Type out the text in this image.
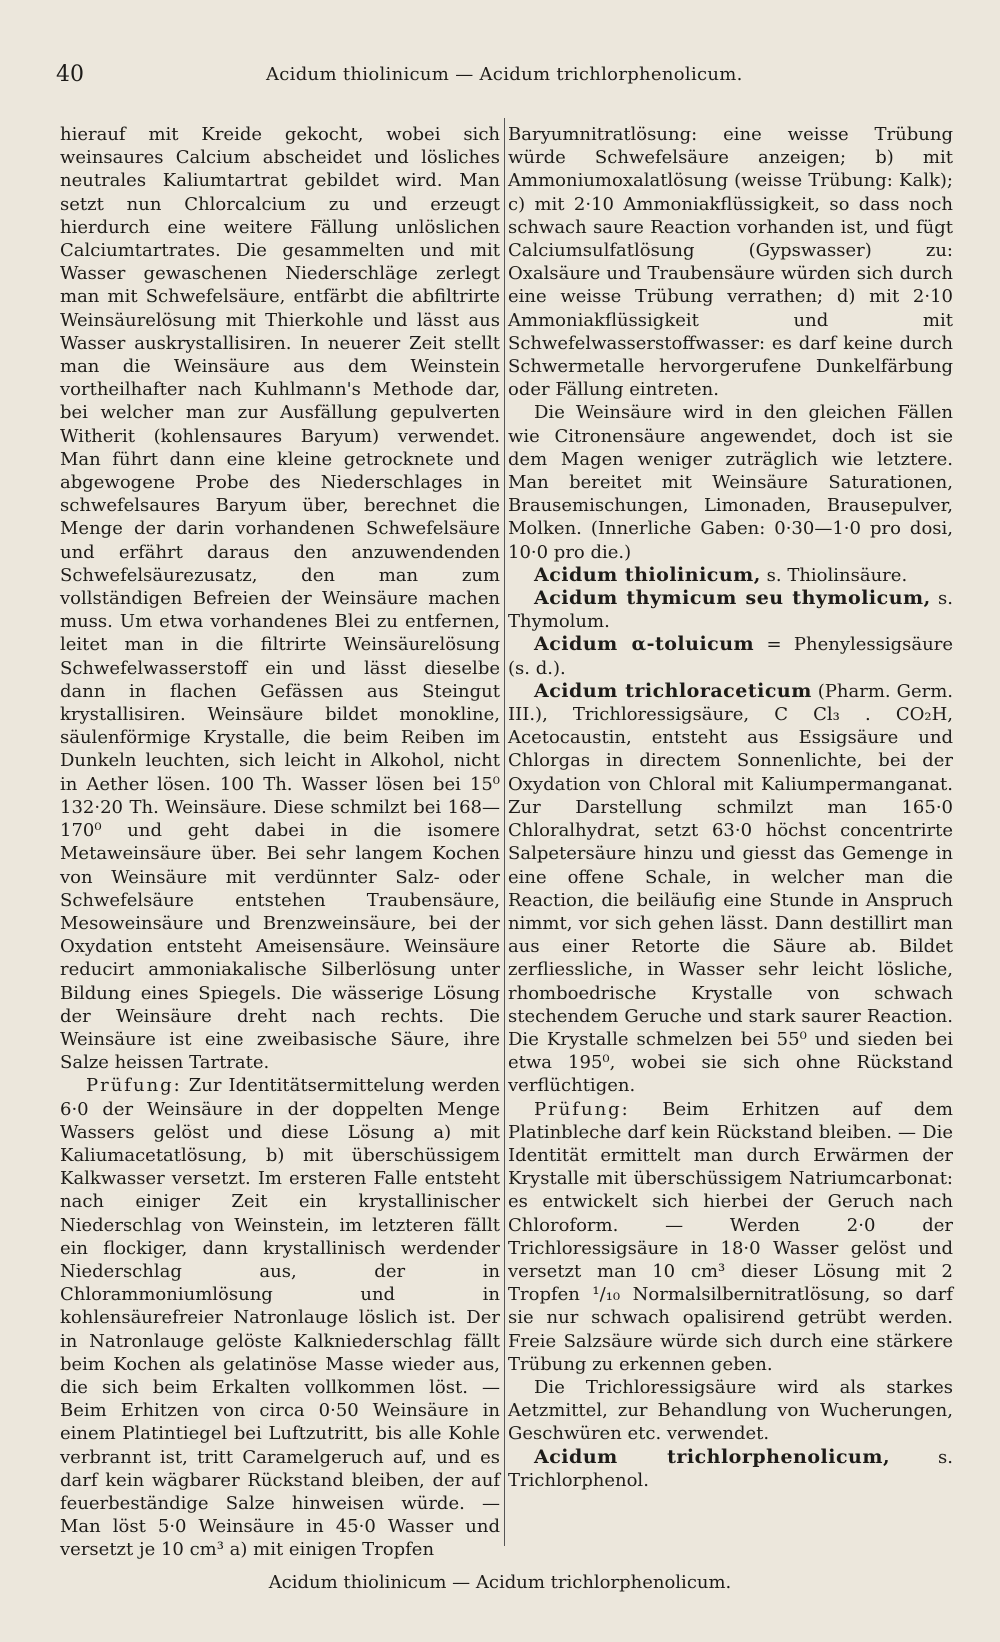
40	Acidum thiolinicum — Acidum trichlorphenolicum.

hierauf mit Kreide gekocht, wobei sich weinsaures Calcium abscheidet und lösliches neutrales Kaliumtartrat gebildet wird. Man setzt nun Chlorcalcium zu und erzeugt hierdurch eine weitere Fällung unlöslichen Calciumtartrates. Die gesammelten und mit Wasser gewaschenen Niederschläge zerlegt man mit Schwefelsäure, entfärbt die abfiltrirte Weinsäurelösung mit Thierkohle und lässt aus Wasser auskrystallisiren. In neuerer Zeit stellt man die Weinsäure aus dem Weinstein vortheilhafter nach Kuhlmann's Methode dar, bei welcher man zur Ausfällung gepulverten Witherit (kohlensaures Baryum) verwendet. Man führt dann eine kleine getrocknete und abgewogene Probe des Niederschlages in schwefelsaures Baryum über, berechnet die Menge der darin vorhandenen Schwefelsäure und erfährt daraus den anzuwendenden Schwefelsäurezusatz, den man zum vollständigen Befreien der Weinsäure machen muss. Um etwa vorhandenes Blei zu entfernen, leitet man in die filtrirte Weinsäurelösung Schwefelwasserstoff ein und lässt dieselbe dann in flachen Gefässen aus Steingut krystallisiren. Weinsäure bildet monokline, säulenförmige Krystalle, die beim Reiben im Dunkeln leuchten, sich leicht in Alkohol, nicht in Aether lösen. 100 Th. Wasser lösen bei 15⁰ 132·20 Th. Weinsäure. Diese schmilzt bei 168—170⁰ und geht dabei in die isomere Metaweinsäure über. Bei sehr langem Kochen von Weinsäure mit verdünnter Salz- oder Schwefelsäure entstehen Traubensäure, Mesoweinsäure und Brenzweinsäure, bei der Oxydation entsteht Ameisensäure. Weinsäure reducirt ammoniakalische Silberlösung unter Bildung eines Spiegels. Die wässerige Lösung der Weinsäure dreht nach rechts. Die Weinsäure ist eine zweibasische Säure, ihre Salze heissen Tartrate.

Prüfung: Zur Identitätsermittelung werden 6·0 der Weinsäure in der doppelten Menge Wassers gelöst und diese Lösung a) mit Kaliumacetatlösung, b) mit überschüssigem Kalkwasser versetzt. Im ersteren Falle entsteht nach einiger Zeit ein krystallinischer Niederschlag von Weinstein, im letzteren fällt ein flockiger, dann krystallinisch werdender Niederschlag aus, der in Chlorammoniumlösung und in kohlensäurefreier Natronlauge löslich ist. Der in Natronlauge gelöste Kalkniederschlag fällt beim Kochen als gelatinöse Masse wieder aus, die sich beim Erkalten vollkommen löst. — Beim Erhitzen von circa 0·50 Weinsäure in einem Platintiegel bei Luftzutritt, bis alle Kohle verbrannt ist, tritt Caramelgeruch auf, und es darf kein wägbarer Rückstand bleiben, der auf feuerbeständige Salze hinweisen würde. — Man löst 5·0 Weinsäure in 45·0 Wasser und versetzt je 10 cm³ a) mit einigen Tropfen

Baryumnitratlösung: eine weisse Trübung würde Schwefelsäure anzeigen; b) mit Ammoniumoxalatlösung (weisse Trübung: Kalk); c) mit 2·10 Ammoniakflüssigkeit, so dass noch schwach saure Reaction vorhanden ist, und fügt Calciumsulfatlösung (Gypswasser) zu: Oxalsäure und Traubensäure würden sich durch eine weisse Trübung verrathen; d) mit 2·10 Ammoniakflüssigkeit und mit Schwefelwasserstoffwasser: es darf keine durch Schwermetalle hervorgerufene Dunkelfärbung oder Fällung eintreten.

Die Weinsäure wird in den gleichen Fällen wie Citronensäure angewendet, doch ist sie dem Magen weniger zuträglich wie letztere. Man bereitet mit Weinsäure Saturationen, Brausemischungen, Limonaden, Brausepulver, Molken. (Innerliche Gaben: 0·30—1·0 pro dosi, 10·0 pro die.)

Acidum thiolinicum, s. Thiolinsäure.

Acidum thymicum seu thymolicum, s. Thymolum.

Acidum α-toluicum = Phenylessigsäure (s. d.).

Acidum trichloraceticum (Pharm. Germ. III.), Trichloressigsäure, C Cl₃ . CO₂H, Acetocaustin, entsteht aus Essigsäure und Chlorgas in directem Sonnenlichte, bei der Oxydation von Chloral mit Kaliumpermanganat. Zur Darstellung schmilzt man 165·0 Chloralhydrat, setzt 63·0 höchst concentrirte Salpetersäure hinzu und giesst das Gemenge in eine offene Schale, in welcher man die Reaction, die beiläufig eine Stunde in Anspruch nimmt, vor sich gehen lässt. Dann destillirt man aus einer Retorte die Säure ab. Bildet zerfliessliche, in Wasser sehr leicht lösliche, rhomboedrische Krystalle von schwach stechendem Geruche und stark saurer Reaction. Die Krystalle schmelzen bei 55⁰ und sieden bei etwa 195⁰, wobei sie sich ohne Rückstand verflüchtigen.

Prüfung: Beim Erhitzen auf dem Platinbleche darf kein Rückstand bleiben. — Die Identität ermittelt man durch Erwärmen der Krystalle mit überschüssigem Natriumcarbonat: es entwickelt sich hierbei der Geruch nach Chloroform. — Werden 2·0 der Trichloressigsäure in 18·0 Wasser gelöst und versetzt man 10 cm³ dieser Lösung mit 2 Tropfen ¹/₁₀ Normalsilbernitratlösung, so darf sie nur schwach opalisirend getrübt werden. Freie Salzsäure würde sich durch eine stärkere Trübung zu erkennen geben.

Die Trichloressigsäure wird als starkes Aetzmittel, zur Behandlung von Wucherungen, Geschwüren etc. verwendet.

Acidum trichlorphenolicum,	s. Trichlorphenol.

Acidum thiolinicum — Acidum trichlorphenolicum.
